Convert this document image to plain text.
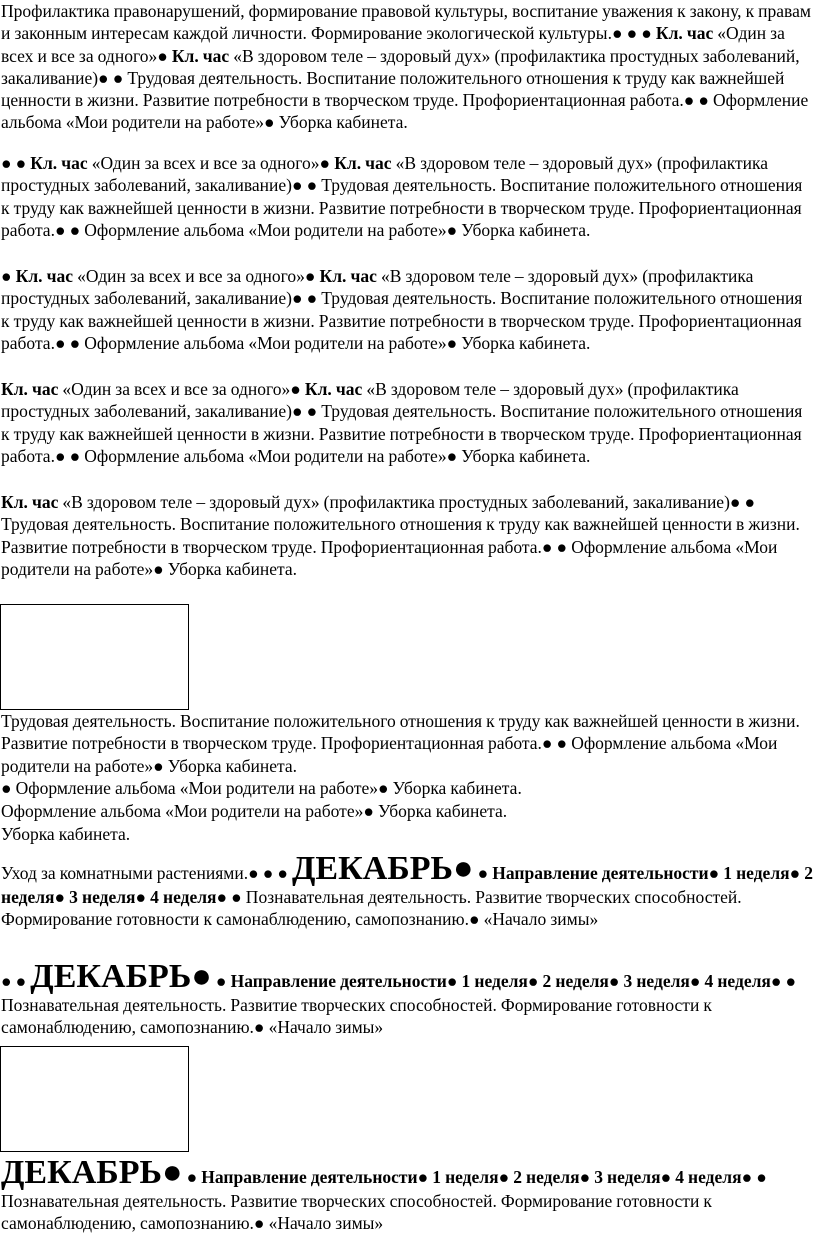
Профилактика правонарушений, формирование правовой культуры, воспитание уважения к закону, к правам и законным интересам каждой личности. Формирование экологической культуры.● ● ● Кл. час «Один за всех и все за одного»● Кл. час «В здоровом теле – здоровый дух» (профилактика простудных заболеваний, закаливание)● ● Трудовая деятельность. Воспитание положительного отношения к труду как важнейшей ценности в жизни. Развитие потребности в творческом труде. Профориентационная работа.● ● Оформление альбома «Мои родители на работе»● Уборка кабинета.
● ● Кл. час «Один за всех и все за одного»● Кл. час «В здоровом теле – здоровый дух» (профилактика простудных заболеваний, закаливание)● ● Трудовая деятельность. Воспитание положительного отношения к труду как важнейшей ценности в жизни. Развитие потребности в творческом труде. Профориентационная работа.● ● Оформление альбома «Мои родители на работе»● Уборка кабинета.
● Кл. час «Один за всех и все за одного»● Кл. час «В здоровом теле – здоровый дух» (профилактика простудных заболеваний, закаливание)● ● Трудовая деятельность. Воспитание положительного отношения к труду как важнейшей ценности в жизни. Развитие потребности в творческом труде. Профориентационная работа.● ● Оформление альбома «Мои родители на работе»● Уборка кабинета.
Кл. час «Один за всех и все за одного»● Кл. час «В здоровом теле – здоровый дух» (профилактика простудных заболеваний, закаливание)● ● Трудовая деятельность. Воспитание положительного отношения к труду как важнейшей ценности в жизни. Развитие потребности в творческом труде. Профориентационная работа.● ● Оформление альбома «Мои родители на работе»● Уборка кабинета.
Кл. час «В здоровом теле – здоровый дух» (профилактика простудных заболеваний, закаливание)● ● Трудовая деятельность. Воспитание положительного отношения к труду как важнейшей ценности в жизни. Развитие потребности в творческом труде. Профориентационная работа.● ● Оформление альбома «Мои родители на работе»● Уборка кабинета.
Трудовая деятельность. Воспитание положительного отношения к труду как важнейшей ценности в жизни. Развитие потребности в творческом труде. Профориентационная работа.● ● Оформление альбома «Мои родители на работе»● Уборка кабинета.
● Оформление альбома «Мои родители на работе»● Уборка кабинета.
Оформление альбома «Мои родители на работе»● Уборка кабинета.
Уборка кабинета.
Уход за комнатными растениями.● ● ● ДЕКАБРЬ● ● Направление деятельности● 1 неделя● 2 неделя● 3 неделя● 4 неделя● ● Познавательная деятельность. Развитие творческих способностей. Формирование готовности к самонаблюдению, самопознанию.● «Начало зимы»
● ● ДЕКАБРЬ● ● Направление деятельности● 1 неделя● 2 неделя● 3 неделя● 4 неделя● ● Познавательная деятельность. Развитие творческих способностей. Формирование готовности к самонаблюдению, самопознанию.● «Начало зимы»
ДЕКАБРЬ● ● Направление деятельности● 1 неделя● 2 неделя● 3 неделя● 4 неделя● ● Познавательная деятельность. Развитие творческих способностей. Формирование готовности к самонаблюдению, самопознанию.● «Начало зимы»
